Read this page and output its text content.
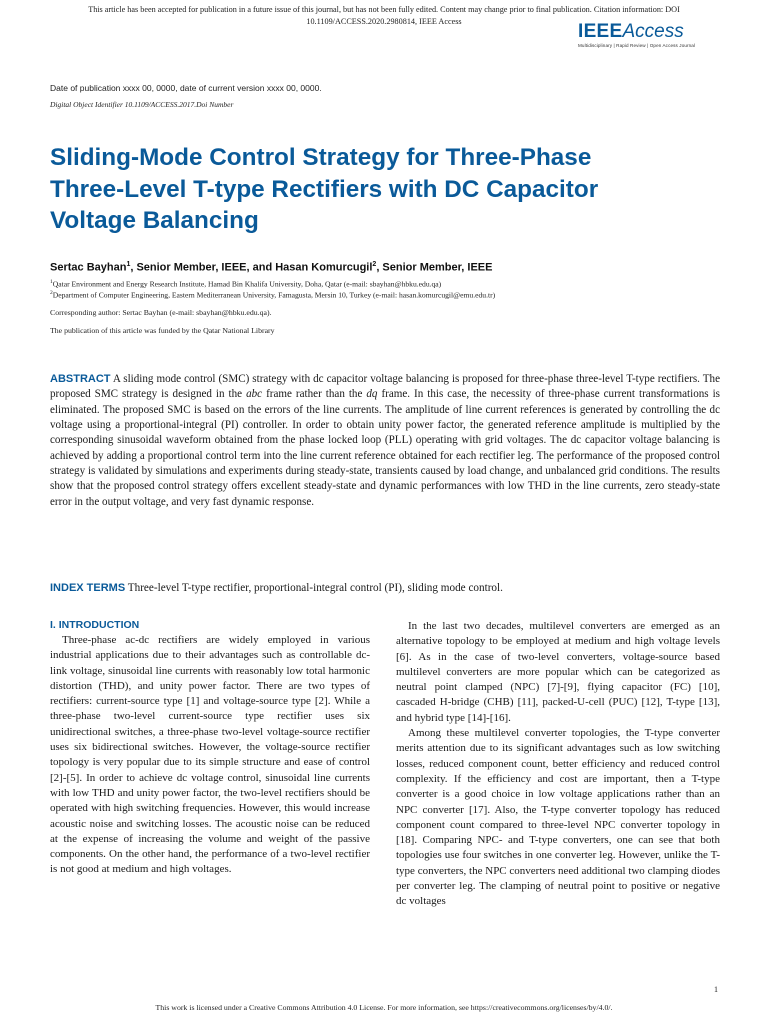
This article has been accepted for publication in a future issue of this journal, but has not been fully edited. Content may change prior to final publication. Citation information: DOI
10.1109/ACCESS.2020.2980814, IEEE Access	IEEEAccess
Multidisciplinary | Rapid Review | Open Access Journal
Date of publication xxxx 00, 0000, date of current version xxxx 00, 0000.
Digital Object Identifier 10.1109/ACCESS.2017.Doi Number
Sliding-Mode Control Strategy for Three-Phase
Three-Level T-type Rectifiers with DC Capacitor
Voltage Balancing
Sertac Bayhan$^1$, Senior Member, IEEE, and Hasan Komurcugil$^2$, Senior Member, IEEE
$^1$Qatar Environment and Energy Research Institute, Hamad Bin Khalifa University, Doha, Qatar (e-mail: sbayhan@hbku.edu.qa)
$^2$Department of Computer Engineering, Eastern Mediterranean University, Famagusta, Mersin 10, Turkey (e-mail: hasan.komurcugil@emu.edu.tr)
Corresponding author: Sertac Bayhan (e-mail: sbayhan@hbku.edu.qa).
The publication of this article was funded by the Qatar National Library

ABSTRACT A sliding mode control (SMC) strategy with dc capacitor voltage balancing is proposed for three-phase three-level T-type rectifiers. The proposed SMC strategy is designed in the abc frame rather than the dq frame. In this case, the necessity of three-phase current transformations is eliminated. The proposed SMC is based on the errors of the line currents. The amplitude of line current references is generated by controlling the dc voltage using a proportional-integral (PI) controller. In order to obtain unity power factor, the generated reference amplitude is multiplied by the corresponding sinusoidal waveform obtained from the phase locked loop (PLL) operating with grid voltages. The dc capacitor voltage balancing is achieved by adding a proportional control term into the line current reference obtained for each rectifier leg. The performance of the proposed control strategy is validated by simulations and experiments during steady-state, transients caused by load change, and unbalanced grid conditions. The results show that the proposed control strategy offers excellent steady-state and dynamic performances with low THD in the line currents, zero steady-state error in the output voltage, and very fast dynamic response.

INDEX TERMS Three-level T-type rectifier, proportional-integral control (PI), sliding mode control.
I. INTRODUCTION

Three-phase ac-dc rectifiers are widely employed in various industrial applications due to their advantages such as controllable dc-link voltage, sinusoidal line currents with reasonably low total harmonic distortion (THD), and unity power factor. There are two types of rectifiers: current-source type [1] and voltage-source type [2]. While a three-phase two-level current-source type rectifier uses six unidirectional switches, a three-phase two-level voltage-source rectifier uses six bidirectional switches. However, the voltage-source rectifier topology is very popular due to its simple structure and ease of control [2]-[5]. In order to achieve dc voltage control, sinusoidal line currents with low THD and unity power factor, the two-level rectifiers should be operated with high switching frequencies. However, this would increase acoustic noise and switching losses. The acoustic noise can be reduced at the expense of increasing the volume and weight of the passive components. On the other hand, the performance of a two-level rectifier is not good at medium and high voltages.

In the last two decades, multilevel converters are emerged as an alternative topology to be employed at medium and high voltage levels [6]. As in the case of two-level converters, voltage-source based multilevel converters are more popular which can be categorized as neutral point clamped (NPC) [7]-[9], flying capacitor (FC) [10], cascaded H-bridge (CHB) [11], packed-U-cell (PUC) [12], T-type [13], and hybrid type [14]-[16].

Among these multilevel converter topologies, the T-type converter merits attention due to its significant advantages such as low switching losses, reduced component count, better efficiency and reduced control complexity. If the efficiency and cost are important, then a T-type converter is a good choice in low voltage applications rather than an NPC converter [17]. Also, the T-type converter topology has reduced component count compared to three-level NPC converter topology in [18]. Comparing NPC- and T-type converters, one can see that both topologies use four switches in one converter leg. However, unlike the T-type converters, the NPC converters need additional two clamping diodes per converter leg. The clamping of neutral point to positive or negative dc voltages

1
This work is licensed under a Creative Commons Attribution 4.0 License. For more information, see https://creativecommons.org/licenses/by/4.0/.
